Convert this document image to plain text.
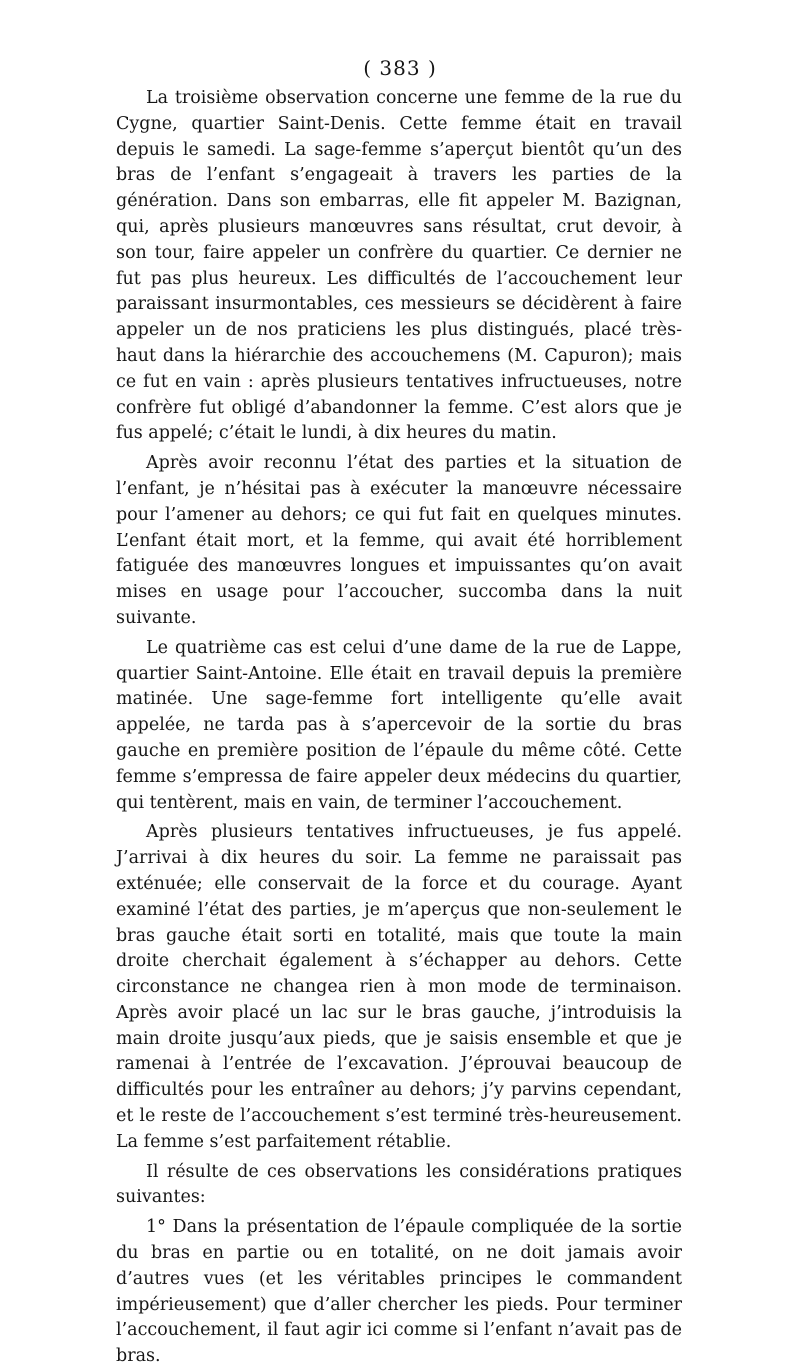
( 383 )

La troisième observation concerne une femme de la rue du Cygne, quartier Saint-Denis. Cette femme était en travail depuis le samedi. La sage-femme s’aperçut bientôt qu’un des bras de l’enfant s’engageait à travers les parties de la génération. Dans son embarras, elle fit appeler M. Bazignan, qui, après plusieurs manœuvres sans résultat, crut devoir, à son tour, faire appeler un confrère du quartier. Ce dernier ne fut pas plus heureux. Les difficultés de l’accouchement leur paraissant insurmontables, ces messieurs se décidèrent à faire appeler un de nos praticiens les plus distingués, placé très-haut dans la hiérarchie des accouchemens (M. Capuron); mais ce fut en vain : après plusieurs tentatives infructueuses, notre confrère fut obligé d’abandonner la femme. C’est alors que je fus appelé; c’était le lundi, à dix heures du matin.

Après avoir reconnu l’état des parties et la situation de l’enfant, je n’hésitai pas à exécuter la manœuvre nécessaire pour l’amener au dehors; ce qui fut fait en quelques minutes. L’enfant était mort, et la femme, qui avait été horriblement fatiguée des manœuvres longues et impuissantes qu’on avait mises en usage pour l’accoucher, succomba dans la nuit suivante.

Le quatrième cas est celui d’une dame de la rue de Lappe, quartier Saint-Antoine. Elle était en travail depuis la première matinée. Une sage-femme fort intelligente qu’elle avait appelée, ne tarda pas à s’apercevoir de la sortie du bras gauche en première position de l’épaule du même côté. Cette femme s’empressa de faire appeler deux médecins du quartier, qui tentèrent, mais en vain, de terminer l’accouchement.

Après plusieurs tentatives infructueuses, je fus appelé. J’arrivai à dix heures du soir. La femme ne paraissait pas exténuée; elle conservait de la force et du courage. Ayant examiné l’état des parties, je m’aperçus que non-seulement le bras gauche était sorti en totalité, mais que toute la main droite cherchait également à s’échapper au dehors. Cette circonstance ne changea rien à mon mode de terminaison. Après avoir placé un lac sur le bras gauche, j’introduisis la main droite jusqu’aux pieds, que je saisis ensemble et que je ramenai à l’entrée de l’excavation. J’éprouvai beaucoup de difficultés pour les entraîner au dehors; j’y parvins cependant, et le reste de l’accouchement s’est terminé très-heureusement. La femme s’est parfaitement rétablie.

Il résulte de ces observations les considérations pratiques suivantes:

1° Dans la présentation de l’épaule compliquée de la sortie du bras en partie ou en totalité, on ne doit jamais avoir d’autres vues (et les véritables principes le commandent impérieusement) que d’aller chercher les pieds. Pour terminer l’accouchement, il faut agir ici comme si l’enfant n’avait pas de bras.
